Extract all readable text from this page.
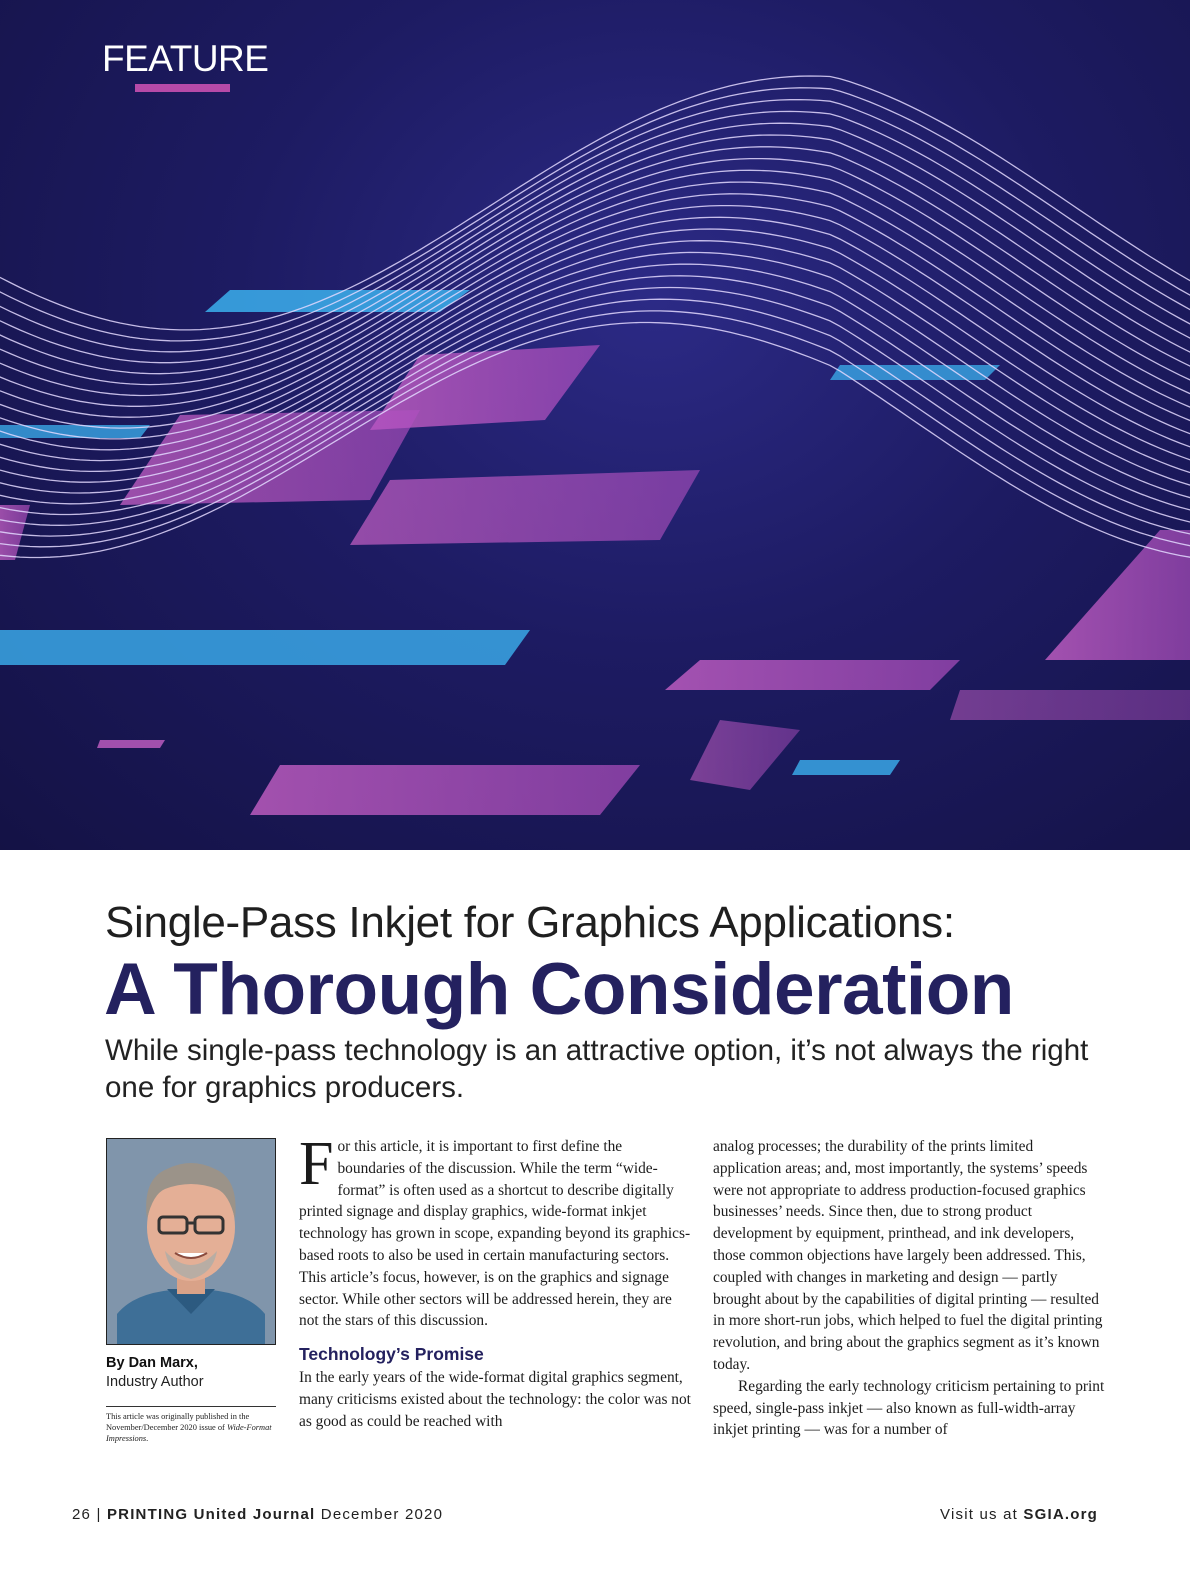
FEATURE
Single-Pass Inkjet for Graphics Applications:
A Thorough Consideration

While single-pass technology is an attractive option, it’s not always the right one for graphics producers.

By Dan Marx,
Industry Author
This article was originally published in the November/December 2020 issue of Wide-Format Impressions.

For this article, it is important to first define the boundaries of the discussion. While the term “wide-format” is often used as a shortcut to describe digitally printed signage and display graphics, wide-format inkjet technology has grown in scope, expanding beyond its graphics-based roots to also be used in certain manufacturing sectors. This article’s focus, however, is on the graphics and signage sector. While other sectors will be addressed herein, they are not the stars of this discussion.

Technology’s Promise

In the early years of the wide-format digital graphics segment, many criticisms existed about the technology: the color was not as good as could be reached with

analog processes; the durability of the prints limited application areas; and, most importantly, the systems’ speeds were not appropriate to address production-focused graphics businesses’ needs. Since then, due to strong product development by equipment, printhead, and ink developers, those common objections have largely been addressed. This, coupled with changes in marketing and design — partly brought about by the capabilities of digital printing — resulted in more short-run jobs, which helped to fuel the digital printing revolution, and bring about the graphics segment as it’s known today.

Regarding the early technology criticism pertaining to print speed, single-pass inkjet — also known as full-width-array inkjet printing — was for a number of

26 | PRINTING United Journal December 2020	Visit us at SGIA.org
